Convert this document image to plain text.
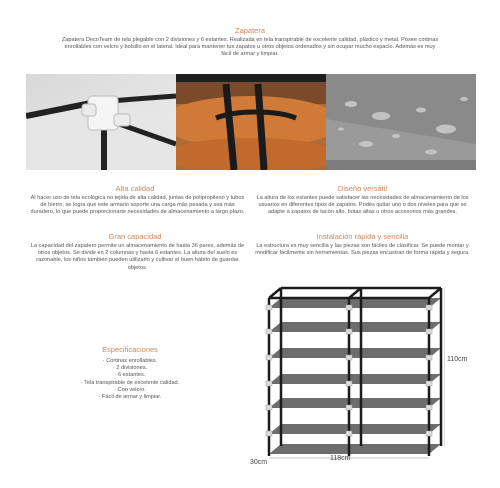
Zapatera
Zapatera DecoTeam de tela plegable con 2 divisiones y 6 estantes. Realizada en tela transpirable de excelente calidad, plástico y metal. Posee cortinas enrollables con velcro y bolsillo en el lateral. Ideal para mantener tus zapatos u otros objetos ordenados y sin ocupar mucho espacio. Además es muy fácil de armar y limpiar.
Alta calidad
Al hacer uso de tela ecológica no tejida de alta calidad, juntas de polipropileno y tubos de hierro, se logra que este armario soporte una carga más pesada y sea más duradero, lo que puede proporcionarte necesidades de almacenamiento a largo plazo.
Diseño versátil
La altura de los estantes puede satisfacer las necesidades de almacenamiento de los usuarios en diferentes tipos de zapatos. Podés quitar uno o dos niveles para que se adapte a zapatos de tacón alto, botas altas u otros accesorios más grandes.
Gran capacidad
La capacidad del zapatero permite un almacenamiento de hasta 36 pares, además de otros objetos. Se divide en 2 columnas y hasta 6 estantes. La altura del suelo es razonable, los niños también pueden utilizarlo y cultivar el buen hábito de guardar objetos.
Instalación rápida y sencilla
La estructura es muy sencilla y las piezas son fáciles de clasificar. Se puede montar y modificar fácilmente sin herramientas. Sus piezas encastran de forma rápida y segura.
Especificaciones
· Cortinas enrollables.
· 2 divisiones.
· 6 estantes.
· Tela transpirable de excelente calidad.
· Con velcro.
· Fácil de armar y limpiar.
110cm
118cm
30cm
